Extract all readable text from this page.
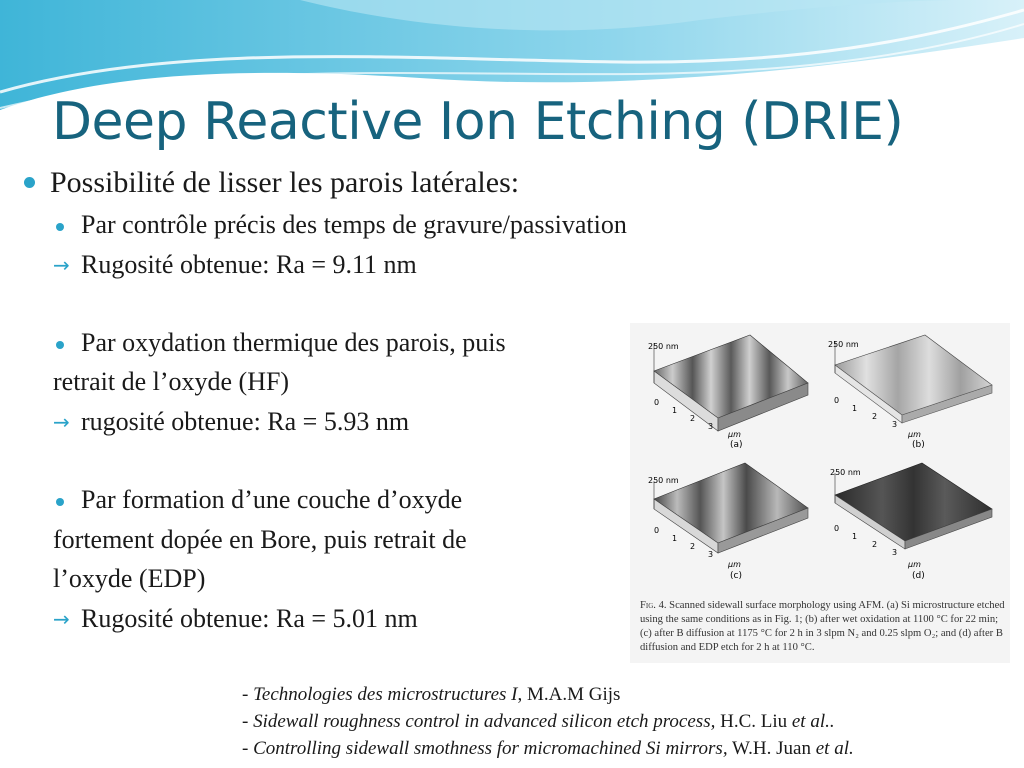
Deep Reactive Ion Etching (DRIE)
Possibilité de lisser les parois latérales:
Par contrôle précis des temps de gravure/passivation
→ Rugosité obtenue: Ra = 9.11 nm
Par oxydation thermique des parois, puis
retrait de l’oxyde (HF)
→ rugosité obtenue: Ra = 5.93 nm
Par formation d’une couche d’oxyde
fortement dopée en Bore, puis retrait de
l’oxyde (EDP)
→ Rugosité obtenue: Ra = 5.01 nm
250 nm
0
1
2
3
µm
(a)
250 nm
0
1
2
3
µm
(b)
250 nm
0
1
2
3
µm
(c)
250 nm
0
1
2
3
µm
(d)
Fig. 4. Scanned sidewall surface morphology using AFM. (a) Si microstructure etched using the same conditions as in Fig. 1; (b) after wet oxidation at 1100 °C for 22 min; (c) after B diffusion at 1175 °C for 2 h in 3 slpm N₂ and 0.25 slpm O₂; and (d) after B diffusion and EDP etch for 2 h at 110 °C.
- Technologies des microstructures I, M.A.M Gijs
- Sidewall roughness control in advanced silicon etch process, H.C. Liu et al..
- Controlling sidewall smothness for micromachined Si mirrors, W.H. Juan et al.
